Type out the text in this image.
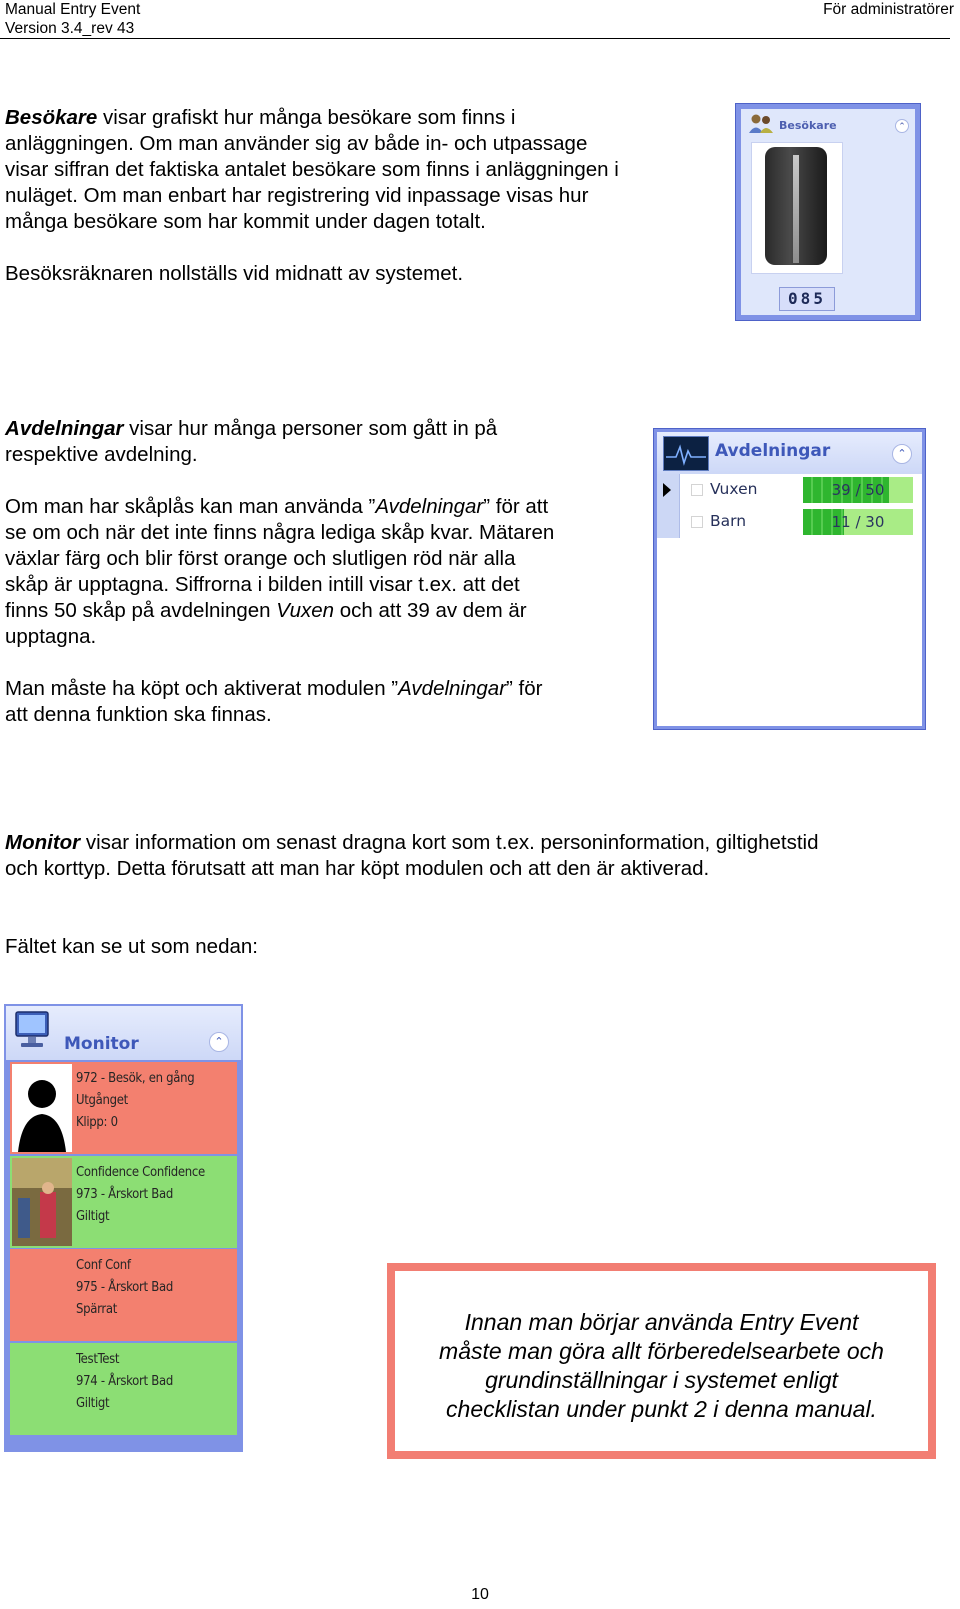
Manual Entry Event
Version 3.4_rev 43
För administratörer

Besökare visar grafiskt hur många besökare som finns i
anläggningen. Om man använder sig av både in- och utpassage
visar siffran det faktiska antalet besökare som finns i anläggningen i
nuläget. Om man enbart har registrering vid inpassage visas hur
många besökare som har kommit under dagen totalt.

Besöksräknaren nollställs vid midnatt av systemet.

Besökare	⌃
085

Avdelningar visar hur många personer som gått in på
respektive avdelning.

Om man har skåplås kan man använda ”Avdelningar” för att
se om och när det inte finns några lediga skåp kvar. Mätaren
växlar färg och blir först orange och slutligen röd när alla
skåp är upptagna. Siffrorna i bilden intill visar t.ex. att det
finns 50 skåp på avdelningen Vuxen och att 39 av dem är
upptagna.

Man måste ha köpt och aktiverat modulen ”Avdelningar” för
att denna funktion ska finnas.

Avdelningar	⌃
Vuxen	39 / 50
Barn	11 / 30

Monitor visar information om senast dragna kort som t.ex. personinformation, giltighetstid
och korttyp. Detta förutsatt att man har köpt modulen och att den är aktiverad.

Fältet kan se ut som nedan:

Monitor	⌃
972 - Besök, en gång
Utgånget
Klipp: 0
Confidence Confidence
973 - Årskort Bad
Giltigt
Conf Conf
975 - Årskort Bad
Spärrat
TestTest
974 - Årskort Bad
Giltigt
Innan man börjar använda Entry Event
måste man göra allt förberedelsearbete och
grundinställningar i systemet enligt
checklistan under punkt 2 i denna manual.
10
